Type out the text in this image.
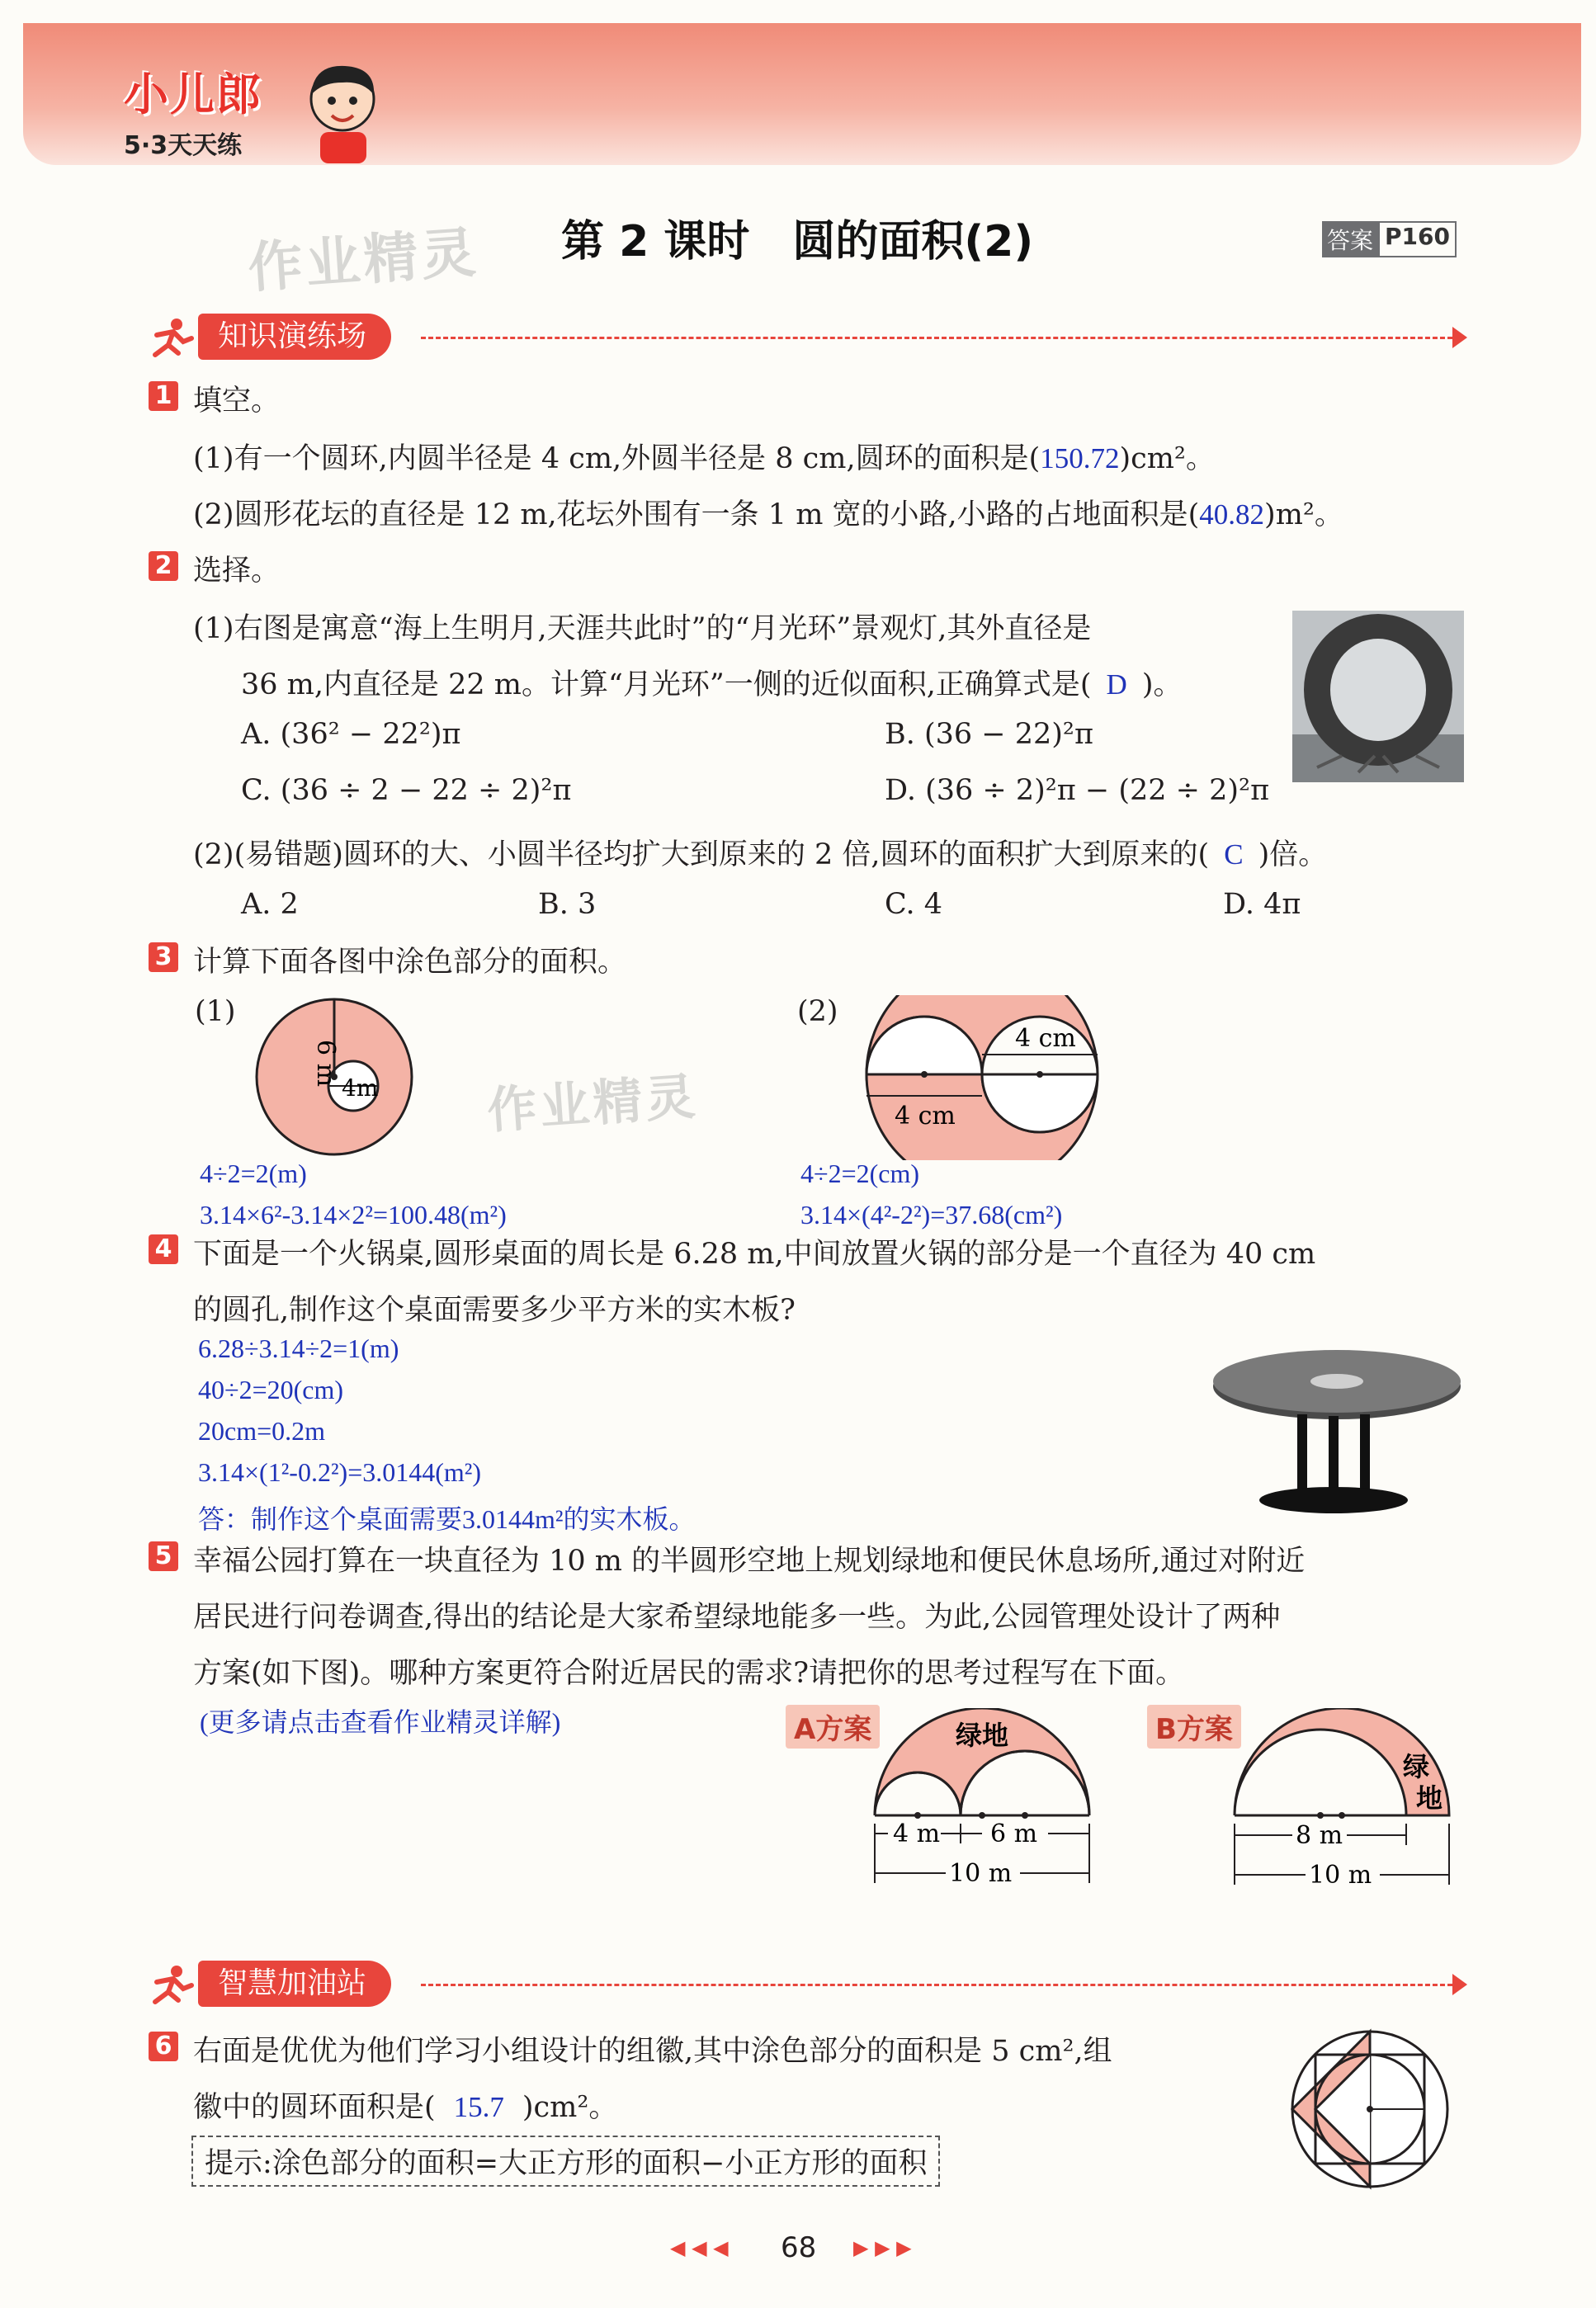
小儿郎
5·3天天练
作业精灵 第 2 课时　圆的面积(2)	答案 P160
知识演练场
1 填空。
(1)有一个圆环,内圆半径是 4 cm,外圆半径是 8 cm,圆环的面积是(150.72)cm²。
(2)圆形花坛的直径是 12 m,花坛外围有一条 1 m 宽的小路,小路的占地面积是(40.82)m²。
2 选择。
(1)右图是寓意“海上生明月,天涯共此时”的“月光环”景观灯,其外直径是
36 m,内直径是 22 m。计算“月光环”一侧的近似面积,正确算式是( D )。
A. (36² − 22²)π	B. (36 − 22)²π
C. (36 ÷ 2 − 22 ÷ 2)²π	D. (36 ÷ 2)²π − (22 ÷ 2)²π
(2)(易错题)圆环的大、小圆半径均扩大到原来的 2 倍,圆环的面积扩大到原来的( C )倍。
A. 2	B. 3	C. 4	D. 4π
3 计算下面各图中涂色部分的面积。
(1)
6 m
4m 作业精灵
4÷2=2(m)
3.14×6²-3.14×2²=100.48(m²)
(2)
4 cm
4 cm
4÷2=2(cm)
3.14×(4²-2²)=37.68(cm²)
4 下面是一个火锅桌,圆形桌面的周长是 6.28 m,中间放置火锅的部分是一个直径为 40 cm
的圆孔,制作这个桌面需要多少平方米的实木板?
6.28÷3.14÷2=1(m)
40÷2=20(cm)
20cm=0.2m
3.14×(1²-0.2²)=3.0144(m²)
答：制作这个桌面需要3.0144m²的实木板。
5 幸福公园打算在一块直径为 10 m 的半圆形空地上规划绿地和便民休息场所,通过对附近
居民进行问卷调查,得出的结论是大家希望绿地能多一些。为此,公园管理处设计了两种
方案(如下图)。哪种方案更符合附近居民的需求?请把你的思考过程写在下面。
(更多请点击查看作业精灵详解)	A方案	绿地
4 m 6 m
10 m
B方案
绿
地
8 m
10 m
智慧加油站
6 右面是优优为他们学习小组设计的组徽,其中涂色部分的面积是 5 cm²,组
徽中的圆环面积是( 15.7 )cm²。
提示:涂色部分的面积=大正方形的面积−小正方形的面积
◀ ◀ ◀ 68 ▶ ▶ ▶
